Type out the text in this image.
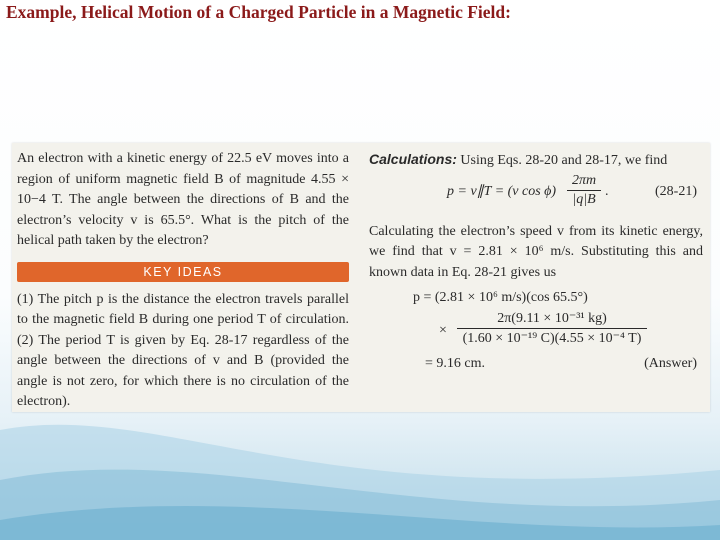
Example, Helical Motion of a Charged Particle in a Magnetic Field:

An electron with a kinetic energy of 22.5 eV moves into a region of uniform magnetic field B of magnitude 4.55 × 10−4 T. The angle between the directions of B and the electron’s velocity v is 65.5°. What is the pitch of the helical path taken by the electron?

KEY IDEAS

(1) The pitch p is the distance the electron travels parallel to the magnetic field B during one period T of circulation. (2) The period T is given by Eq. 28-17 regardless of the angle between the directions of v and B (provided the angle is not zero, for which there is no circulation of the electron).

Calculations: Using Eqs. 28-20 and 28-17, we find

p = v∥T = (v $\cos \phi) \frac{2\pi m}{|q|B}$ .	(28-21)

Calculating the electron’s speed v from its kinetic energy, we find that v = 2.81 × 10⁶ m/s. Substituting this and known data in Eq. 28-21 gives us

p = (2.81 × 10⁶ m/s)(cos 65.5°)
× $\frac{\text{2π(9.11 × 10⁻³¹ kg)}}{\text{(1.60 × 10⁻¹⁹ C)(4.55 × 10⁻⁴ T)}}$
= 9.16 cm.	(Answer)
